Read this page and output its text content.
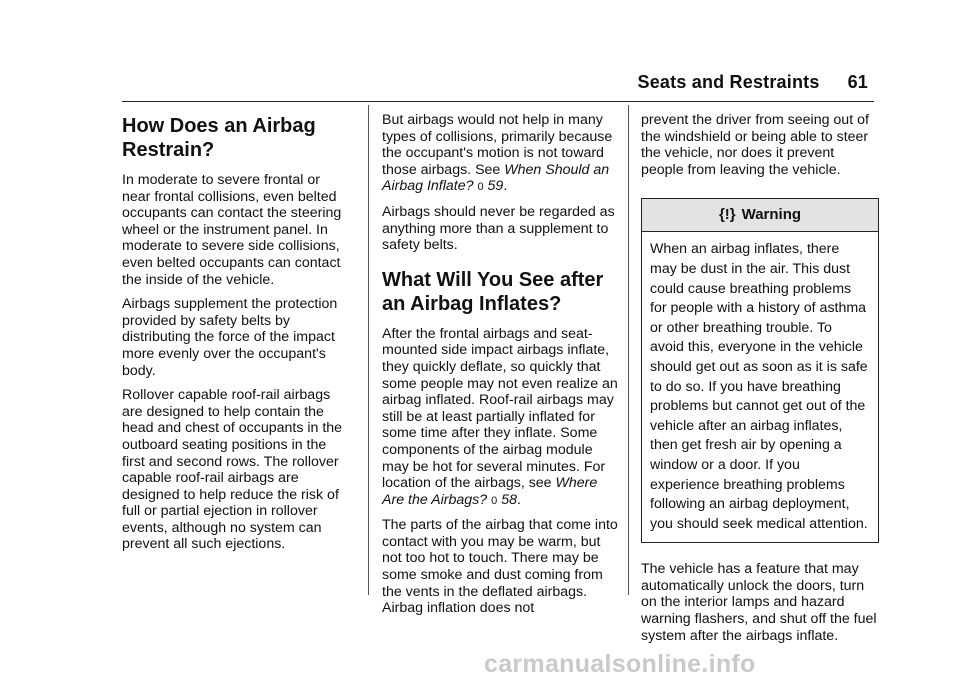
Seats and Restraints 61
How Does an Airbag Restrain?

In moderate to severe frontal or near frontal collisions, even belted occupants can contact the steering wheel or the instrument panel. In moderate to severe side collisions, even belted occupants can contact the inside of the vehicle.

Airbags supplement the protection provided by safety belts by distributing the force of the impact more evenly over the occupant's body.

Rollover capable roof-rail airbags are designed to help contain the head and chest of occupants in the outboard seating positions in the first and second rows. The rollover capable roof-rail airbags are designed to help reduce the risk of full or partial ejection in rollover events, although no system can prevent all such ejections.

But airbags would not help in many types of collisions, primarily because the occupant's motion is not toward those airbags. See When Should an Airbag Inflate? 0 59.

Airbags should never be regarded as anything more than a supplement to safety belts.

What Will You See after an Airbag Inflates?

After the frontal airbags and seat-mounted side impact airbags inflate, they quickly deflate, so quickly that some people may not even realize an airbag inflated. Roof-rail airbags may still be at least partially inflated for some time after they inflate. Some components of the airbag module may be hot for several minutes. For location of the airbags, see Where Are the Airbags? 0 58.

The parts of the airbag that come into contact with you may be warm, but not too hot to touch. There may be some smoke and dust coming from the vents in the deflated airbags. Airbag inflation does not

prevent the driver from seeing out of the windshield or being able to steer the vehicle, nor does it prevent people from leaving the vehicle.

{!} Warning
When an airbag inflates, there may be dust in the air. This dust could cause breathing problems for people with a history of asthma or other breathing trouble. To avoid this, everyone in the vehicle should get out as soon as it is safe to do so. If you have breathing problems but cannot get out of the vehicle after an airbag inflates, then get fresh air by opening a window or a door. If you experience breathing problems following an airbag deployment, you should seek medical attention.

The vehicle has a feature that may automatically unlock the doors, turn on the interior lamps and hazard warning flashers, and shut off the fuel system after the airbags inflate.

carmanualsonline.info
